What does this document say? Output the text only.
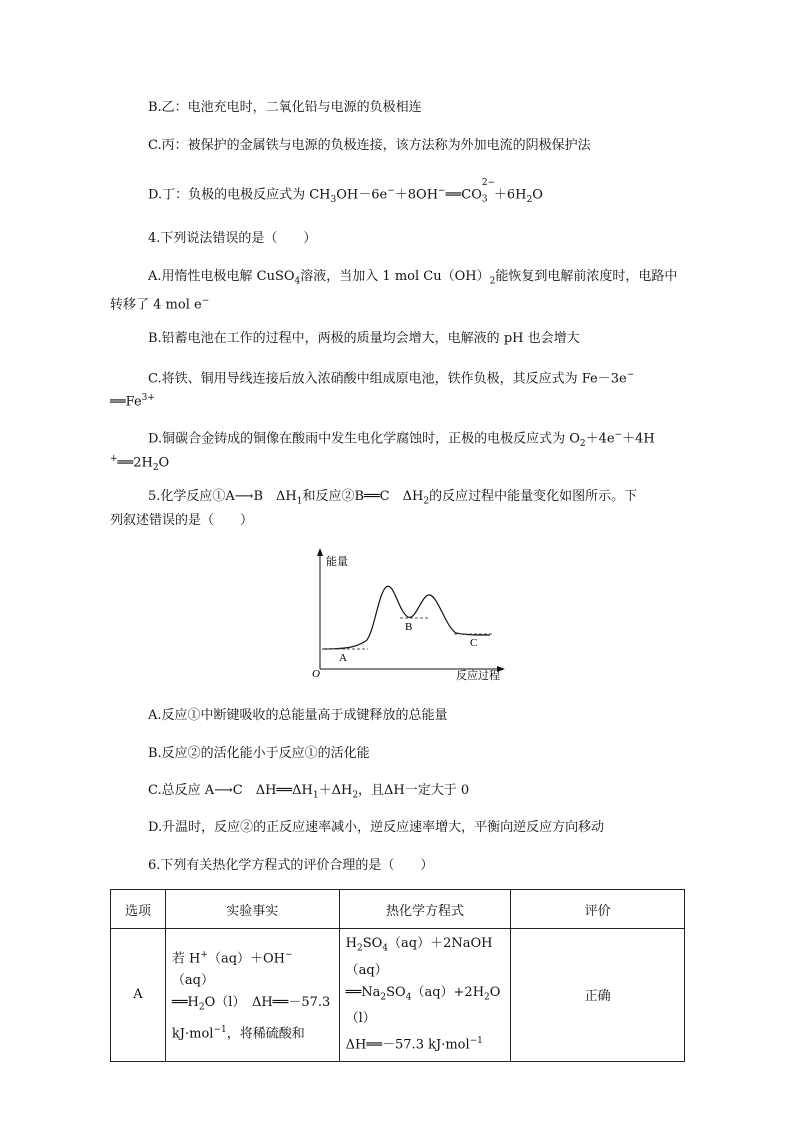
B.乙：电池充电时，二氧化铅与电源的负极相连
C.丙：被保护的金属铁与电源的负极连接，该方法称为外加电流的阴极保护法
D.丁：负极的电极反应式为 $CH_3OH-6e^-+8OH^-══CO$
2−
$_3 +6H_2O$
4.下列说法错误的是（　　）
A.用惰性电极电解 CuSO$_4$溶液，当加入 1 mol $Cu(OH)_2$能恢复到电解前浓度时，电路中
转移了 4 mol e−
B.铅蓄电池在工作的过程中，两极的质量均会增大，电解液的 pH 也会增大
C.将铁、铜用导线连接后放入浓硝酸中组成原电池，铁作负极，其反应式为 Fe－3e−
$══Fe^{3+}$
D.铜碳合金铸成的铜像在酸雨中发生电化学腐蚀时，正极的电极反应式为 $O_2+4e^-+4H$
$^+══2H_2O$
5.化学反应①A⟶B　$\Delta H_1$和反应②B══C　$\Delta H_2$的反应过程中能量变化如图所示。下
列叙述错误的是（　　）
能量
反应过程
O
A
B
C
A.反应①中断键吸收的总能量高于成键释放的总能量
B.反应②的活化能小于反应①的活化能
C.总反应 A⟶C　$\Delta H══\Delta H_1+\Delta H_2$，且ΔH一定大于 0
D.升温时，反应②的正反应速率减小，逆反应速率增大，平衡向逆反应方向移动
6.下列有关热化学方程式的评价合理的是（　　）
选项	实验事实	热化学方程式	评价
A	若 H+（aq）＋OH−（aq）
$══H_2O(l)$　ΔH══－57.3
kJ·mol$^{-1}$，将稀硫酸和	$H_2SO_4(aq)+2NaOH(aq)$
$══Na_2SO_4(aq)+2H_2O(l)$
ΔH══－57.3 kJ·mol$^{-1}$	正确
